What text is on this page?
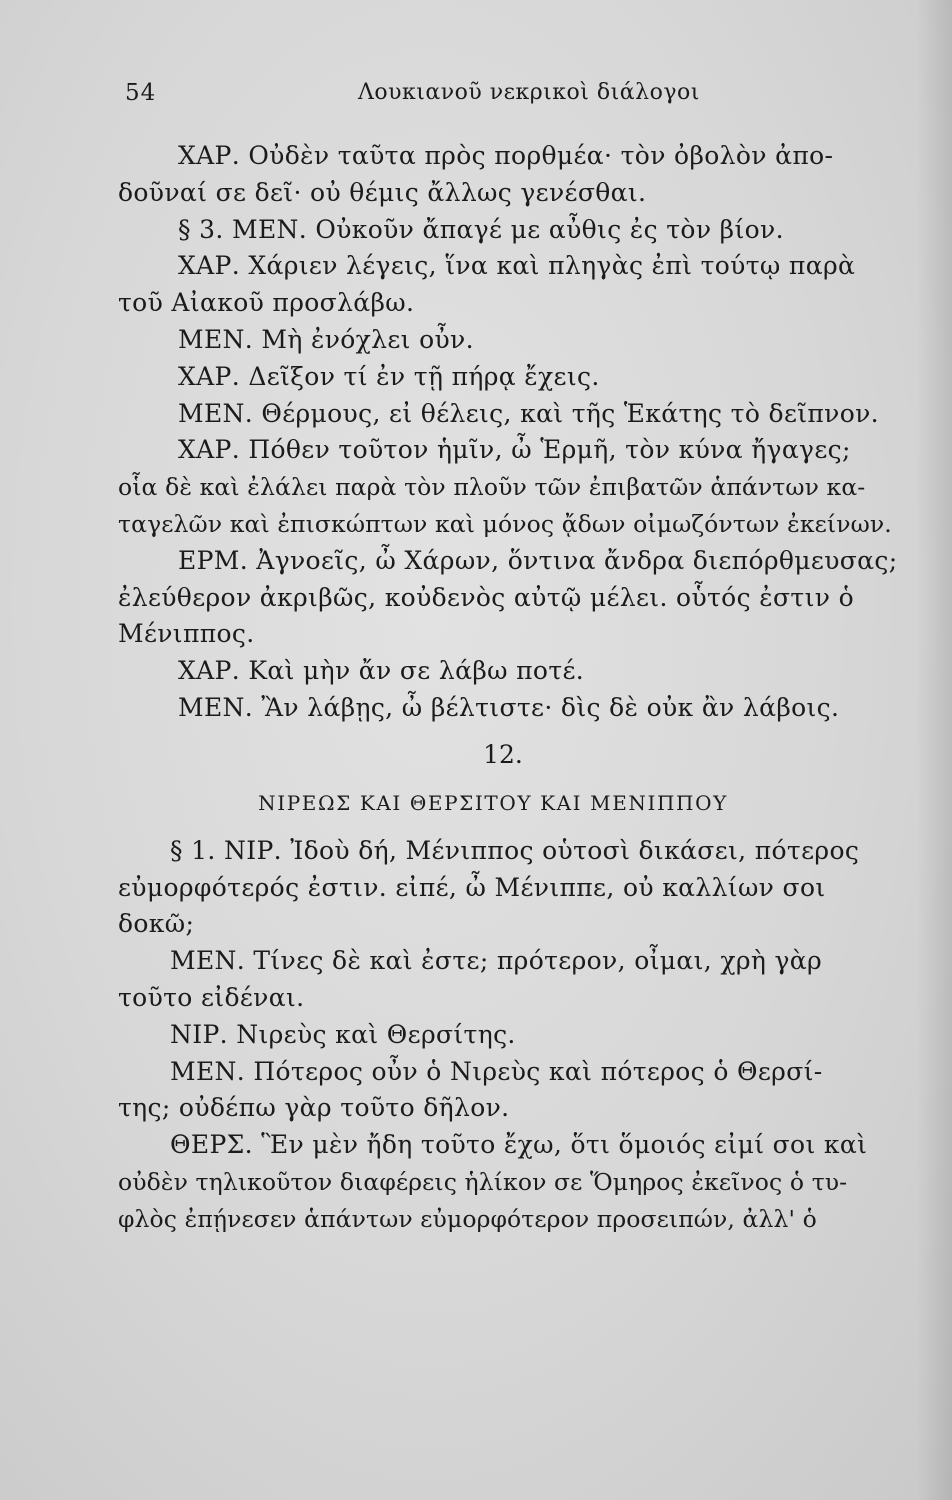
54	Λουκιανοῦ νεκρικοὶ διάλογοι
ΧΑΡ. Οὐδὲν ταῦτα πρὸς πορθμέα· τὸν ὀβολὸν ἀπο-
δοῦναί σε δεῖ· οὐ θέμις ἄλλως γενέσθαι.
§ 3. ΜΕΝ. Οὐκοῦν ἄπαγέ με αὖθις ἐς τὸν βίον.
ΧΑΡ. Χάριεν λέγεις, ἵνα καὶ πληγὰς ἐπὶ τούτῳ παρὰ
τοῦ Αἰακοῦ προσλάβω.
ΜΕΝ. Μὴ ἐνόχλει οὖν.
ΧΑΡ. Δεῖξον τί ἐν τῇ πήρᾳ ἔχεις.
ΜΕΝ. Θέρμους, εἰ θέλεις, καὶ τῆς Ἑκάτης τὸ δεῖπνον.
ΧΑΡ. Πόθεν τοῦτον ἡμῖν, ὦ Ἑρμῆ, τὸν κύνα ἤγαγες;
οἷα δὲ καὶ ἐλάλει παρὰ τὸν πλοῦν τῶν ἐπιβατῶν ἁπάντων κα-
ταγελῶν καὶ ἐπισκώπτων καὶ μόνος ᾄδων οἰμωζόντων ἐκείνων.
ΕΡΜ. Ἀγνοεῖς, ὦ Χάρων, ὅντινα ἄνδρα διεπόρθμευσας;
ἐλεύθερον ἀκριβῶς, κοὐδενὸς αὐτῷ μέλει. οὗτός ἐστιν ὁ
Μένιππος.
ΧΑΡ. Καὶ μὴν ἄν σε λάβω ποτέ.
ΜΕΝ. Ἂν λάβῃς, ὦ βέλτιστε· δὶς δὲ οὐκ ἂν λάβοις.
12.
ΝΙΡΕΩΣ ΚΑΙ ΘΕΡΣΙΤΟΥ ΚΑΙ ΜΕΝΙΠΠΟΥ
§ 1. ΝΙΡ. Ἰδοὺ δή, Μένιππος οὑτοσὶ δικάσει, πότερος
εὐμορφότερός ἐστιν. εἰπέ, ὦ Μένιππε, οὐ καλλίων σοι
δοκῶ;
ΜΕΝ. Τίνες δὲ καὶ ἐστε; πρότερον, οἶμαι, χρὴ γὰρ
τοῦτο εἰδέναι.
ΝΙΡ. Νιρεὺς καὶ Θερσίτης.
ΜΕΝ. Πότερος οὖν ὁ Νιρεὺς καὶ πότερος ὁ Θερσί-
της; οὐδέπω γὰρ τοῦτο δῆλον.
ΘΕΡΣ. Ἓν μὲν ἤδη τοῦτο ἔχω, ὅτι ὅμοιός εἰμί σοι καὶ
οὐδὲν τηλικοῦτον διαφέρεις ἡλίκον σε Ὅμηρος ἐκεῖνος ὁ τυ-
φλὸς ἐπῄνεσεν ἁπάντων εὐμορφότερον προσειπών, ἀλλ' ὁ
